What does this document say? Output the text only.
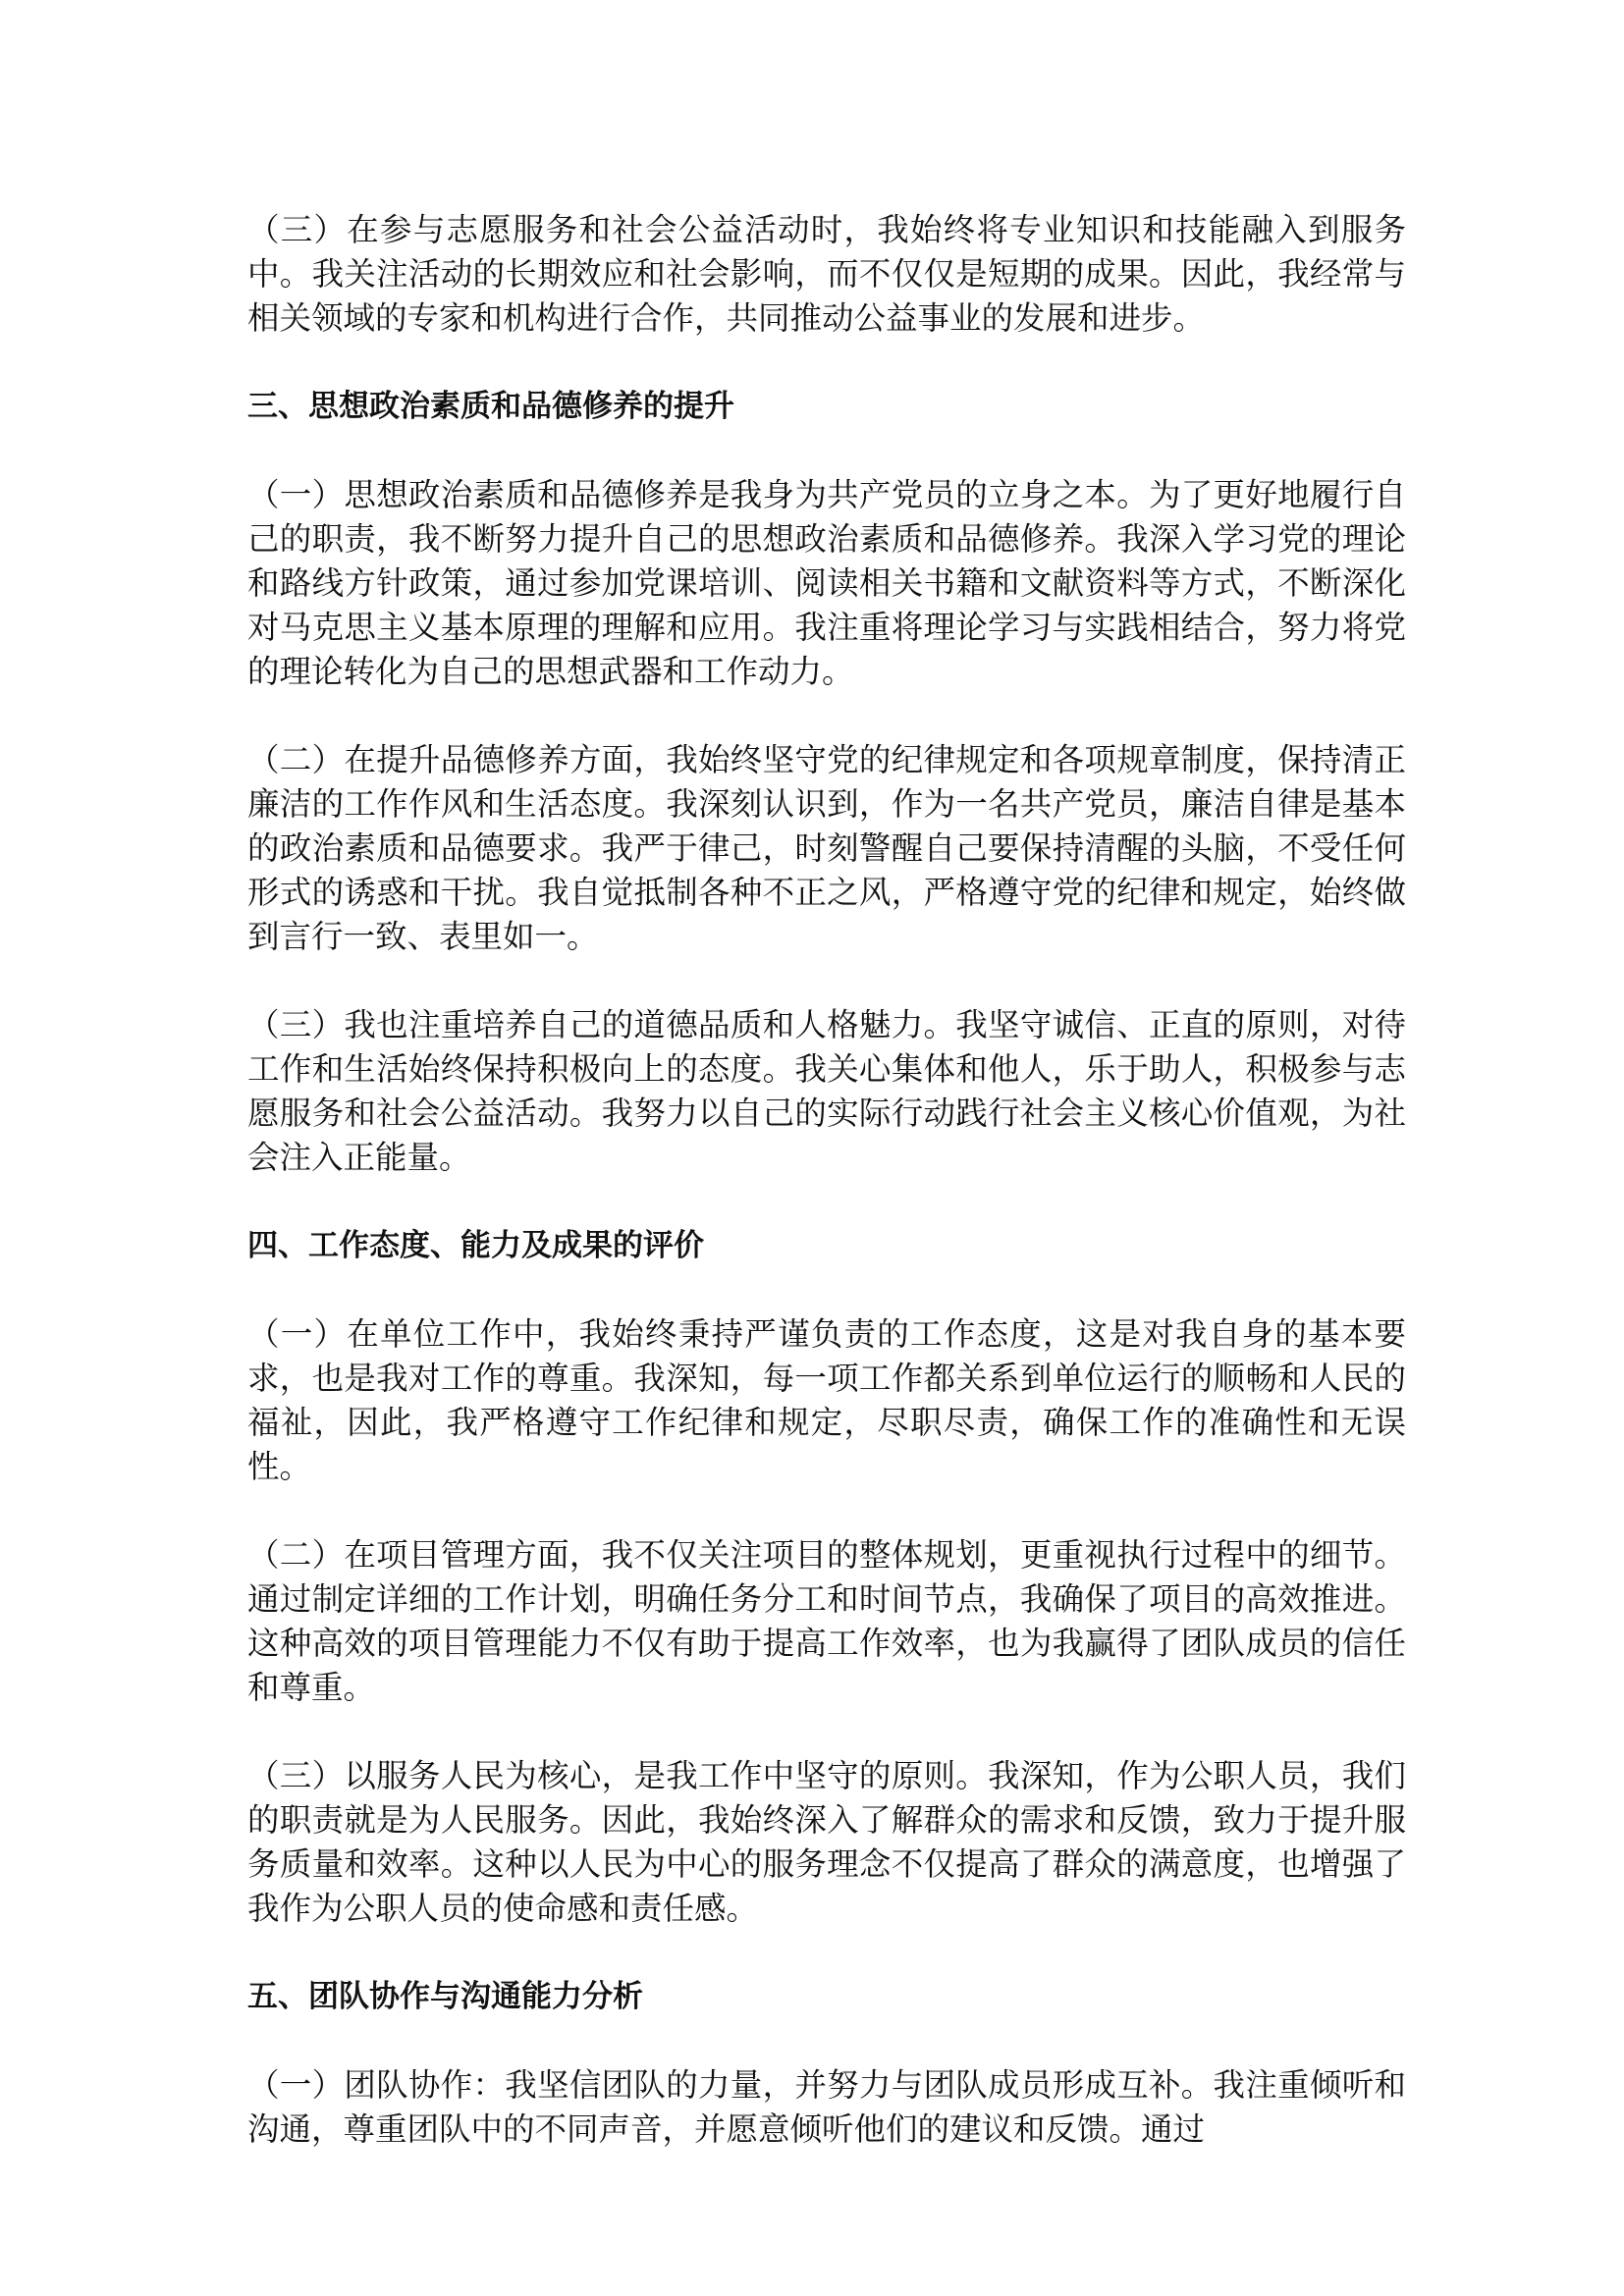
（三）在参与志愿服务和社会公益活动时，我始终将专业知识和技能融入到服务中。我关注活动的长期效应和社会影响，而不仅仅是短期的成果。因此，我经常与相关领域的专家和机构进行合作，共同推动公益事业的发展和进步。

三、思想政治素质和品德修养的提升

（一）思想政治素质和品德修养是我身为共产党员的立身之本。为了更好地履行自己的职责，我不断努力提升自己的思想政治素质和品德修养。我深入学习党的理论和路线方针政策，通过参加党课培训、阅读相关书籍和文献资料等方式，不断深化对马克思主义基本原理的理解和应用。我注重将理论学习与实践相结合，努力将党的理论转化为自己的思想武器和工作动力。

（二）在提升品德修养方面，我始终坚守党的纪律规定和各项规章制度，保持清正廉洁的工作作风和生活态度。我深刻认识到，作为一名共产党员，廉洁自律是基本的政治素质和品德要求。我严于律己，时刻警醒自己要保持清醒的头脑，不受任何形式的诱惑和干扰。我自觉抵制各种不正之风，严格遵守党的纪律和规定，始终做到言行一致、表里如一。

（三）我也注重培养自己的道德品质和人格魅力。我坚守诚信、正直的原则，对待工作和生活始终保持积极向上的态度。我关心集体和他人，乐于助人，积极参与志愿服务和社会公益活动。我努力以自己的实际行动践行社会主义核心价值观，为社会注入正能量。

四、工作态度、能力及成果的评价

（一）在单位工作中，我始终秉持严谨负责的工作态度，这是对我自身的基本要求，也是我对工作的尊重。我深知，每一项工作都关系到单位运行的顺畅和人民的福祉，因此，我严格遵守工作纪律和规定，尽职尽责，确保工作的准确性和无误性。

（二）在项目管理方面，我不仅关注项目的整体规划，更重视执行过程中的细节。通过制定详细的工作计划，明确任务分工和时间节点，我确保了项目的高效推进。这种高效的项目管理能力不仅有助于提高工作效率，也为我赢得了团队成员的信任和尊重。

（三）以服务人民为核心，是我工作中坚守的原则。我深知，作为公职人员，我们的职责就是为人民服务。因此，我始终深入了解群众的需求和反馈，致力于提升服务质量和效率。这种以人民为中心的服务理念不仅提高了群众的满意度，也增强了我作为公职人员的使命感和责任感。

五、团队协作与沟通能力分析

（一）团队协作：我坚信团队的力量，并努力与团队成员形成互补。我注重倾听和沟通，尊重团队中的不同声音，并愿意倾听他们的建议和反馈。通过
